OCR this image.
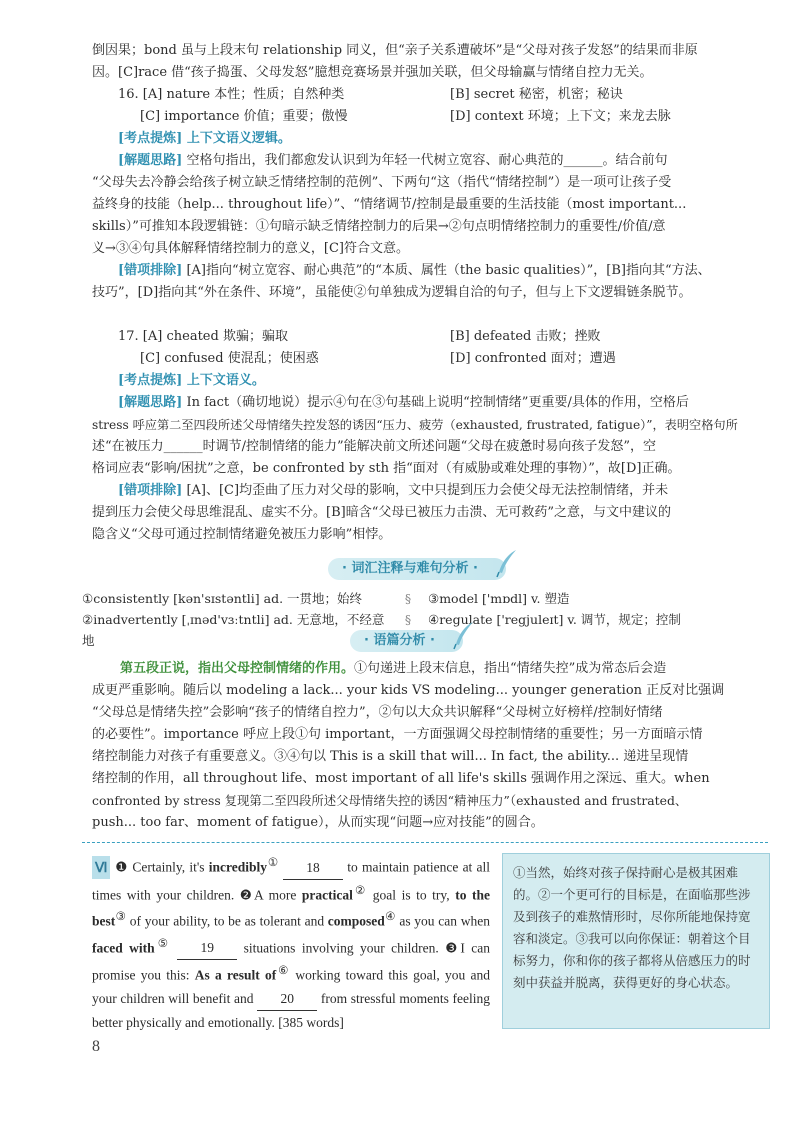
倒因果；bond 虽与上段末句 relationship 同义，但“亲子关系遭破坏”是“父母对孩子发怒”的结果而非原

因。[C]race 借“孩子捣蛋、父母发怒”臆想竞赛场景并强加关联，但父母输赢与情绪自控力无关。

16. [A] nature 本性；性质；自然种类	[B] secret 秘密，机密；秘诀
[C] importance 价值；重要；傲慢	[D] context 环境；上下文；来龙去脉

[考点提炼] 上下文语义逻辑。

[解题思路] 空格句指出，我们都愈发认识到为年轻一代树立宽容、耐心典范的______。结合前句

“父母失去冷静会给孩子树立缺乏情绪控制的范例”、下两句“这（指代“情绪控制”）是一项可让孩子受

益终身的技能（help... throughout life）”、“情绪调节/控制是最重要的生活技能（most important...

skills）”可推知本段逻辑链：①句暗示缺乏情绪控制力的后果→②句点明情绪控制力的重要性/价值/意

义→③④句具体解释情绪控制力的意义，[C]符合文意。

[错项排除] [A]指向“树立宽容、耐心典范”的“本质、属性（the basic qualities）”，[B]指向其“方法、

技巧”，[D]指向其“外在条件、环境”，虽能使②句单独成为逻辑自洽的句子，但与上下文逻辑链条脱节。

17. [A] cheated 欺骗；骗取	[B] defeated 击败；挫败
[C] confused 使混乱；使困惑	[D] confronted 面对；遭遇

[考点提炼] 上下文语义。

[解题思路] In fact（确切地说）提示④句在③句基础上说明“控制情绪”更重要/具体的作用，空格后

stress 呼应第二至四段所述父母情绪失控发怒的诱因“压力、疲劳（exhausted, frustrated, fatigue）”，表明空格句所

述“在被压力______时调节/控制情绪的能力”能解决前文所述问题“父母在疲惫时易向孩子发怒”，空

格词应表“影响/困扰”之意，be confronted by sth 指“面对（有威胁或难处理的事物）”，故[D]正确。

[错项排除] [A]、[C]均歪曲了压力对父母的影响，文中只提到压力会使父母无法控制情绪，并未

提到压力会使父母思维混乱、虚实不分。[B]暗含“父母已被压力击溃、无可救药”之意，与文中建议的

隐含义“父母可通过控制情绪避免被压力影响”相悖。

· 词汇注释与难句分析 ·
①consistently [kən'sɪstəntli] ad. 一贯地；始终	§	③model ['mɒdl] v. 塑造
②inadvertently [ˌɪnəd'vɜːtntli] ad. 无意地，不经意地
§	④regulate ['regjuleɪt] v. 调节，规定；控制
· 语篇分析 ·

第五段正说，指出父母控制情绪的作用。①句递进上段末信息，指出“情绪失控”成为常态后会造

成更严重影响。随后以 modeling a lack... your kids VS modeling... younger generation 正反对比强调

“父母总是情绪失控”会影响“孩子的情绪自控力”，②句以大众共识解释“父母树立好榜样/控制好情绪

的必要性”。importance 呼应上段①句 important，一方面强调父母控制情绪的重要性；另一方面暗示情

绪控制能力对孩子有重要意义。③④句以 This is a skill that will... In fact, the ability... 递进呈现情

绪控制的作用，all throughout life、most important of all life's skills 强调作用之深远、重大。when

confronted by stress 复现第二至四段所述父母情绪失控的诱因“精神压力”（exhausted and frustrated、

push... too far、moment of fatigue），从而实现“问题→应对技能”的圆合。

Ⅵ ❶ Certainly, it's incredibly① 18 to maintain patience at all times with your children. ❷A more practical② goal is to try, to the best③ of your ability, to be as tolerant and composed④ as you can when faced with⑤ 19 situations involving your children. ❸I can promise you this: As a result of⑥ working toward this goal, you and your children will benefit and 20 from stressful moments feeling better physically and emotionally. [385 words]
①当然，始终对孩子保持耐心是极其困难的。②一个更可行的目标是，在面临那些涉及到孩子的难熬情形时，尽你所能地保持宽容和淡定。③我可以向你保证：朝着这个目标努力，你和你的孩子都将从倍感压力的时刻中获益并脱离，获得更好的身心状态。
8
